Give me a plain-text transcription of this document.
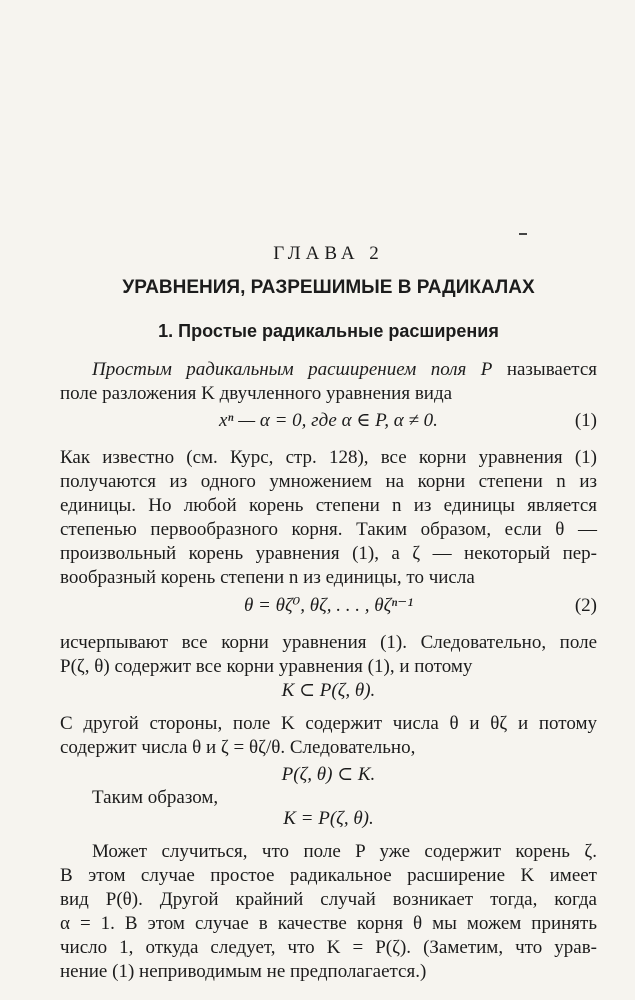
ГЛАВА 2
УРАВНЕНИЯ, РАЗРЕШИМЫЕ В РАДИКАЛАХ
1. Простые радикальные расширения
Простым радикальным расширением поля P называется
поле разложения K двучленного уравнения вида
xⁿ — α = 0, где α ∈ P, α ≠ 0.	(1)
Как известно (см. Курс, стр. 128), все корни уравнения (1)
получаются из одного умножением на корни степени n из
единицы. Но любой корень степени n из единицы является
степенью первообразного корня. Таким образом, если θ —
произвольный корень уравнения (1), а ζ — некоторый пер-
вообразный корень степени n из единицы, то числа
θ = θζ⁰, θζ, . . . , θζⁿ⁻¹	(2)
исчерпывают все корни уравнения (1). Следовательно, поле
P(ζ, θ) содержит все корни уравнения (1), и потому
K ⊂ P(ζ, θ).
С другой стороны, поле K содержит числа θ и θζ и потому
содержит числа θ и ζ = θζ/θ. Следовательно,
P(ζ, θ) ⊂ K.
Таким образом,
K = P(ζ, θ).
Может случиться, что поле P уже содержит корень ζ.
В этом случае простое радикальное расширение K имеет
вид P(θ). Другой крайний случай возникает тогда, когда
α = 1. В этом случае в качестве корня θ мы можем принять
число 1, откуда следует, что K = P(ζ). (Заметим, что урав-
нение (1) неприводимым не предполагается.)
